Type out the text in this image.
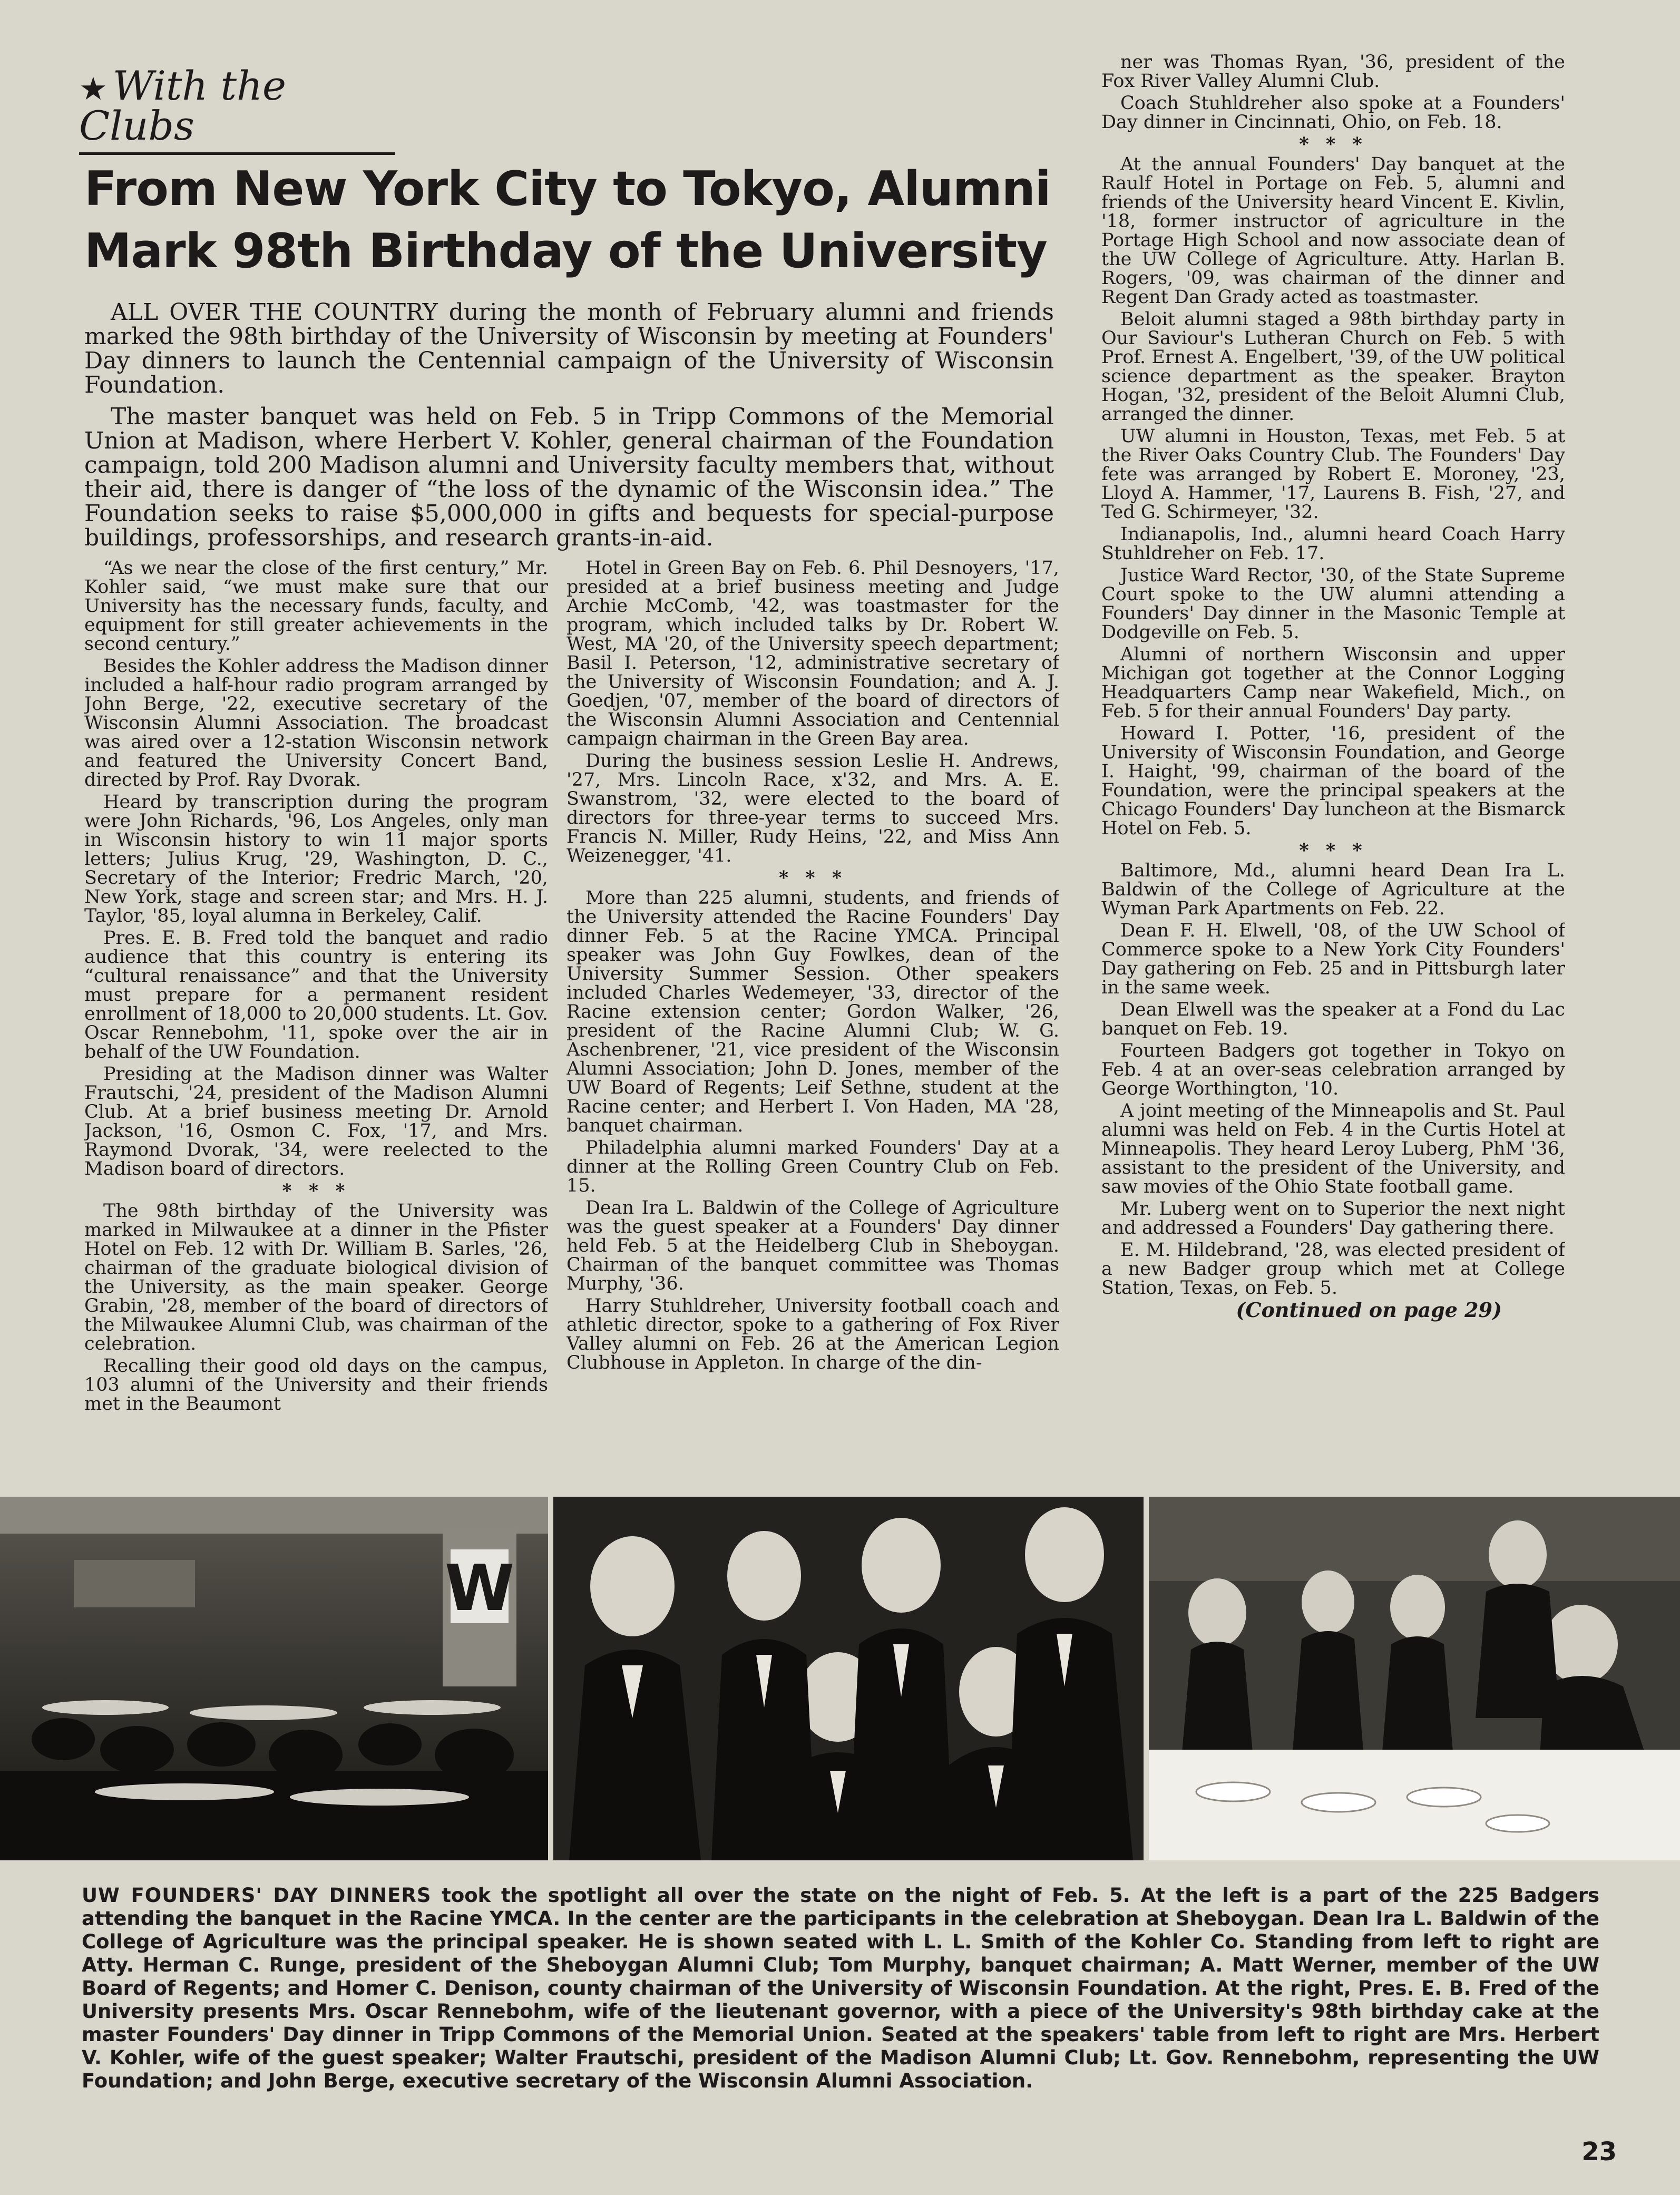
★ With the Clubs
From New York City to Tokyo, Alumni Mark 98th Birthday of the University

ALL OVER THE COUNTRY during the month of February alumni and friends marked the 98th birthday of the University of Wisconsin by meeting at Founders' Day dinners to launch the Centennial campaign of the University of Wisconsin Foundation.

The master banquet was held on Feb. 5 in Tripp Commons of the Memorial Union at Madison, where Herbert V. Kohler, general chairman of the Foundation campaign, told 200 Madison alumni and University faculty members that, without their aid, there is danger of “the loss of the dynamic of the Wisconsin idea.” The Foundation seeks to raise $5,000,000 in gifts and bequests for special-purpose buildings, professorships, and research grants-in-aid.

“As we near the close of the first century,” Mr. Kohler said, “we must make sure that our University has the necessary funds, faculty, and equipment for still greater achievements in the second century.”

Besides the Kohler address the Madison dinner included a half-hour radio program arranged by John Berge, '22, executive secretary of the Wisconsin Alumni Association. The broadcast was aired over a 12-station Wisconsin network and featured the University Concert Band, directed by Prof. Ray Dvorak.

Heard by transcription during the program were John Richards, '96, Los Angeles, only man in Wisconsin history to win 11 major sports letters; Julius Krug, '29, Washington, D. C., Secretary of the Interior; Fredric March, '20, New York, stage and screen star; and Mrs. H. J. Taylor, '85, loyal alumna in Berkeley, Calif.

Pres. E. B. Fred told the banquet and radio audience that this country is entering its “cultural renaissance” and that the University must prepare for a permanent resident enrollment of 18,000 to 20,000 students. Lt. Gov. Oscar Rennebohm, '11, spoke over the air in behalf of the UW Foundation.

Presiding at the Madison dinner was Walter Frautschi, '24, president of the Madison Alumni Club. At a brief business meeting Dr. Arnold Jackson, '16, Osmon C. Fox, '17, and Mrs. Raymond Dvorak, '34, were reelected to the Madison board of directors.

* * *

The 98th birthday of the University was marked in Milwaukee at a dinner in the Pfister Hotel on Feb. 12 with Dr. William B. Sarles, '26, chairman of the graduate biological division of the University, as the main speaker. George Grabin, '28, member of the board of directors of the Milwaukee Alumni Club, was chairman of the celebration.

Recalling their good old days on the campus, 103 alumni of the University and their friends met in the Beaumont

Hotel in Green Bay on Feb. 6. Phil Desnoyers, '17, presided at a brief business meeting and Judge Archie McComb, '42, was toastmaster for the program, which included talks by Dr. Robert W. West, MA '20, of the University speech department; Basil I. Peterson, '12, administrative secretary of the University of Wisconsin Foundation; and A. J. Goedjen, '07, member of the board of directors of the Wisconsin Alumni Association and Centennial campaign chairman in the Green Bay area.

During the business session Leslie H. Andrews, '27, Mrs. Lincoln Race, x'32, and Mrs. A. E. Swanstrom, '32, were elected to the board of directors for three-year terms to succeed Mrs. Francis N. Miller, Rudy Heins, '22, and Miss Ann Weizenegger, '41.

* * *

More than 225 alumni, students, and friends of the University attended the Racine Founders' Day dinner Feb. 5 at the Racine YMCA. Principal speaker was John Guy Fowlkes, dean of the University Summer Session. Other speakers included Charles Wedemeyer, '33, director of the Racine extension center; Gordon Walker, '26, president of the Racine Alumni Club; W. G. Aschenbrener, '21, vice president of the Wisconsin Alumni Association; John D. Jones, member of the UW Board of Regents; Leif Sethne, student at the Racine center; and Herbert I. Von Haden, MA '28, banquet chairman.

Philadelphia alumni marked Founders' Day at a dinner at the Rolling Green Country Club on Feb. 15.

Dean Ira L. Baldwin of the College of Agriculture was the guest speaker at a Founders' Day dinner held Feb. 5 at the Heidelberg Club in Sheboygan. Chairman of the banquet committee was Thomas Murphy, '36.

Harry Stuhldreher, University football coach and athletic director, spoke to a gathering of Fox River Valley alumni on Feb. 26 at the American Legion Clubhouse in Appleton. In charge of the din-

ner was Thomas Ryan, '36, president of the Fox River Valley Alumni Club.

Coach Stuhldreher also spoke at a Founders' Day dinner in Cincinnati, Ohio, on Feb. 18.

* * *

At the annual Founders' Day banquet at the Raulf Hotel in Portage on Feb. 5, alumni and friends of the University heard Vincent E. Kivlin, '18, former instructor of agriculture in the Portage High School and now associate dean of the UW College of Agriculture. Atty. Harlan B. Rogers, '09, was chairman of the dinner and Regent Dan Grady acted as toastmaster.

Beloit alumni staged a 98th birthday party in Our Saviour's Lutheran Church on Feb. 5 with Prof. Ernest A. Engelbert, '39, of the UW political science department as the speaker. Brayton Hogan, '32, president of the Beloit Alumni Club, arranged the dinner.

UW alumni in Houston, Texas, met Feb. 5 at the River Oaks Country Club. The Founders' Day fete was arranged by Robert E. Moroney, '23, Lloyd A. Hammer, '17, Laurens B. Fish, '27, and Ted G. Schirmeyer, '32.

Indianapolis, Ind., alumni heard Coach Harry Stuhldreher on Feb. 17.

Justice Ward Rector, '30, of the State Supreme Court spoke to the UW alumni attending a Founders' Day dinner in the Masonic Temple at Dodgeville on Feb. 5.

Alumni of northern Wisconsin and upper Michigan got together at the Connor Logging Headquarters Camp near Wakefield, Mich., on Feb. 5 for their annual Founders' Day party.

Howard I. Potter, '16, president of the University of Wisconsin Foundation, and George I. Haight, '99, chairman of the board of the Foundation, were the principal speakers at the Chicago Founders' Day luncheon at the Bismarck Hotel on Feb. 5.

* * *

Baltimore, Md., alumni heard Dean Ira L. Baldwin of the College of Agriculture at the Wyman Park Apartments on Feb. 22.

Dean F. H. Elwell, '08, of the UW School of Commerce spoke to a New York City Founders' Day gathering on Feb. 25 and in Pittsburgh later in the same week.

Dean Elwell was the speaker at a Fond du Lac banquet on Feb. 19.

Fourteen Badgers got together in Tokyo on Feb. 4 at an over-seas celebration arranged by George Worthington, '10.

A joint meeting of the Minneapolis and St. Paul alumni was held on Feb. 4 in the Curtis Hotel at Minneapolis. They heard Leroy Luberg, PhM '36, assistant to the president of the University, and saw movies of the Ohio State football game.

Mr. Luberg went on to Superior the next night and addressed a Founders' Day gathering there.

E. M. Hildebrand, '28, was elected president of a new Badger group which met at College Station, Texas, on Feb. 5.

(Continued on page 29)
W
UW FOUNDERS' DAY DINNERS took the spotlight all over the state on the night of Feb. 5. At the left is a part of the 225 Badgers attending the banquet in the Racine YMCA. In the center are the participants in the celebration at Sheboygan. Dean Ira L. Baldwin of the College of Agriculture was the principal speaker. He is shown seated with L. L. Smith of the Kohler Co. Standing from left to right are Atty. Herman C. Runge, president of the Sheboygan Alumni Club; Tom Murphy, banquet chairman; A. Matt Werner, member of the UW Board of Regents; and Homer C. Denison, county chairman of the University of Wisconsin Foundation. At the right, Pres. E. B. Fred of the University presents Mrs. Oscar Rennebohm, wife of the lieutenant governor, with a piece of the University's 98th birthday cake at the master Founders' Day dinner in Tripp Commons of the Memorial Union. Seated at the speakers' table from left to right are Mrs. Herbert V. Kohler, wife of the guest speaker; Walter Frautschi, president of the Madison Alumni Club; Lt. Gov. Rennebohm, representing the UW Foundation; and John Berge, executive secretary of the Wisconsin Alumni Association.
23
